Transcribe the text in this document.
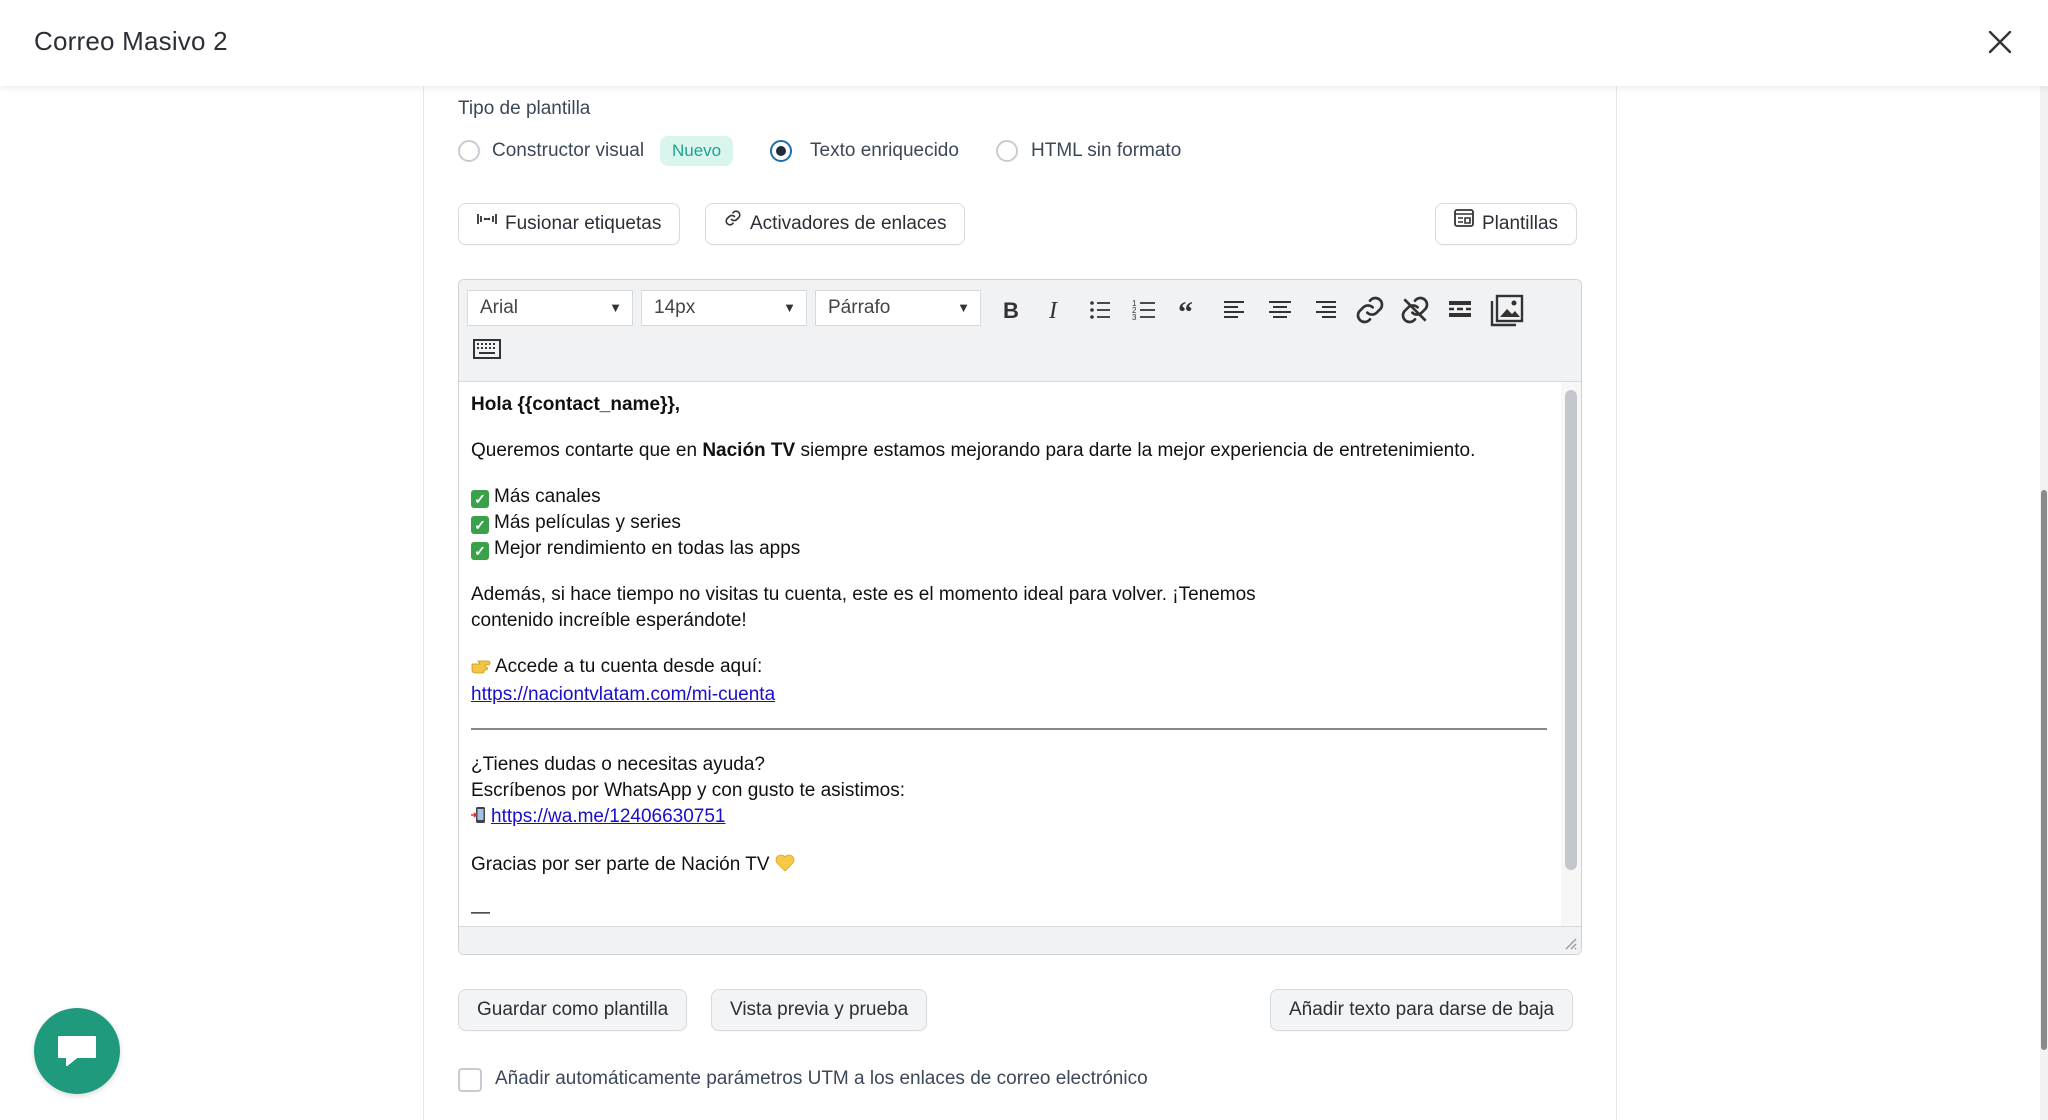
Correo Masivo 2
Tipo de plantilla
Constructor visual	Nuevo	Texto enriquecido	HTML sin formato
Fusionar etiquetas	Activadores de enlaces	Plantillas
Arial	▼	14px	▼	Párrafo	▼ B I	1
2
3 “

Hola {{contact_name}},

Queremos contarte que en Nación TV siempre estamos mejorando para darte la mejor experiencia de entretenimiento.

✓ Más canales
✓ Más películas y series
✓ Mejor rendimiento en todas las apps

Además, si hace tiempo no visitas tu cuenta, este es el momento ideal para volver. ¡Tenemos contenido increíble esperándote!

Accede a tu cuenta desde aquí:
https://naciontvlatam.com/mi-cuenta

¿Tienes dudas o necesitas ayuda?
Escríbenos por WhatsApp y con gusto te asistimos:
https://wa.me/12406630751

Gracias por ser parte de Nación TV

—

Guardar como plantilla	Vista previa y prueba	Añadir texto para darse de baja
Añadir automáticamente parámetros UTM a los enlaces de correo electrónico
